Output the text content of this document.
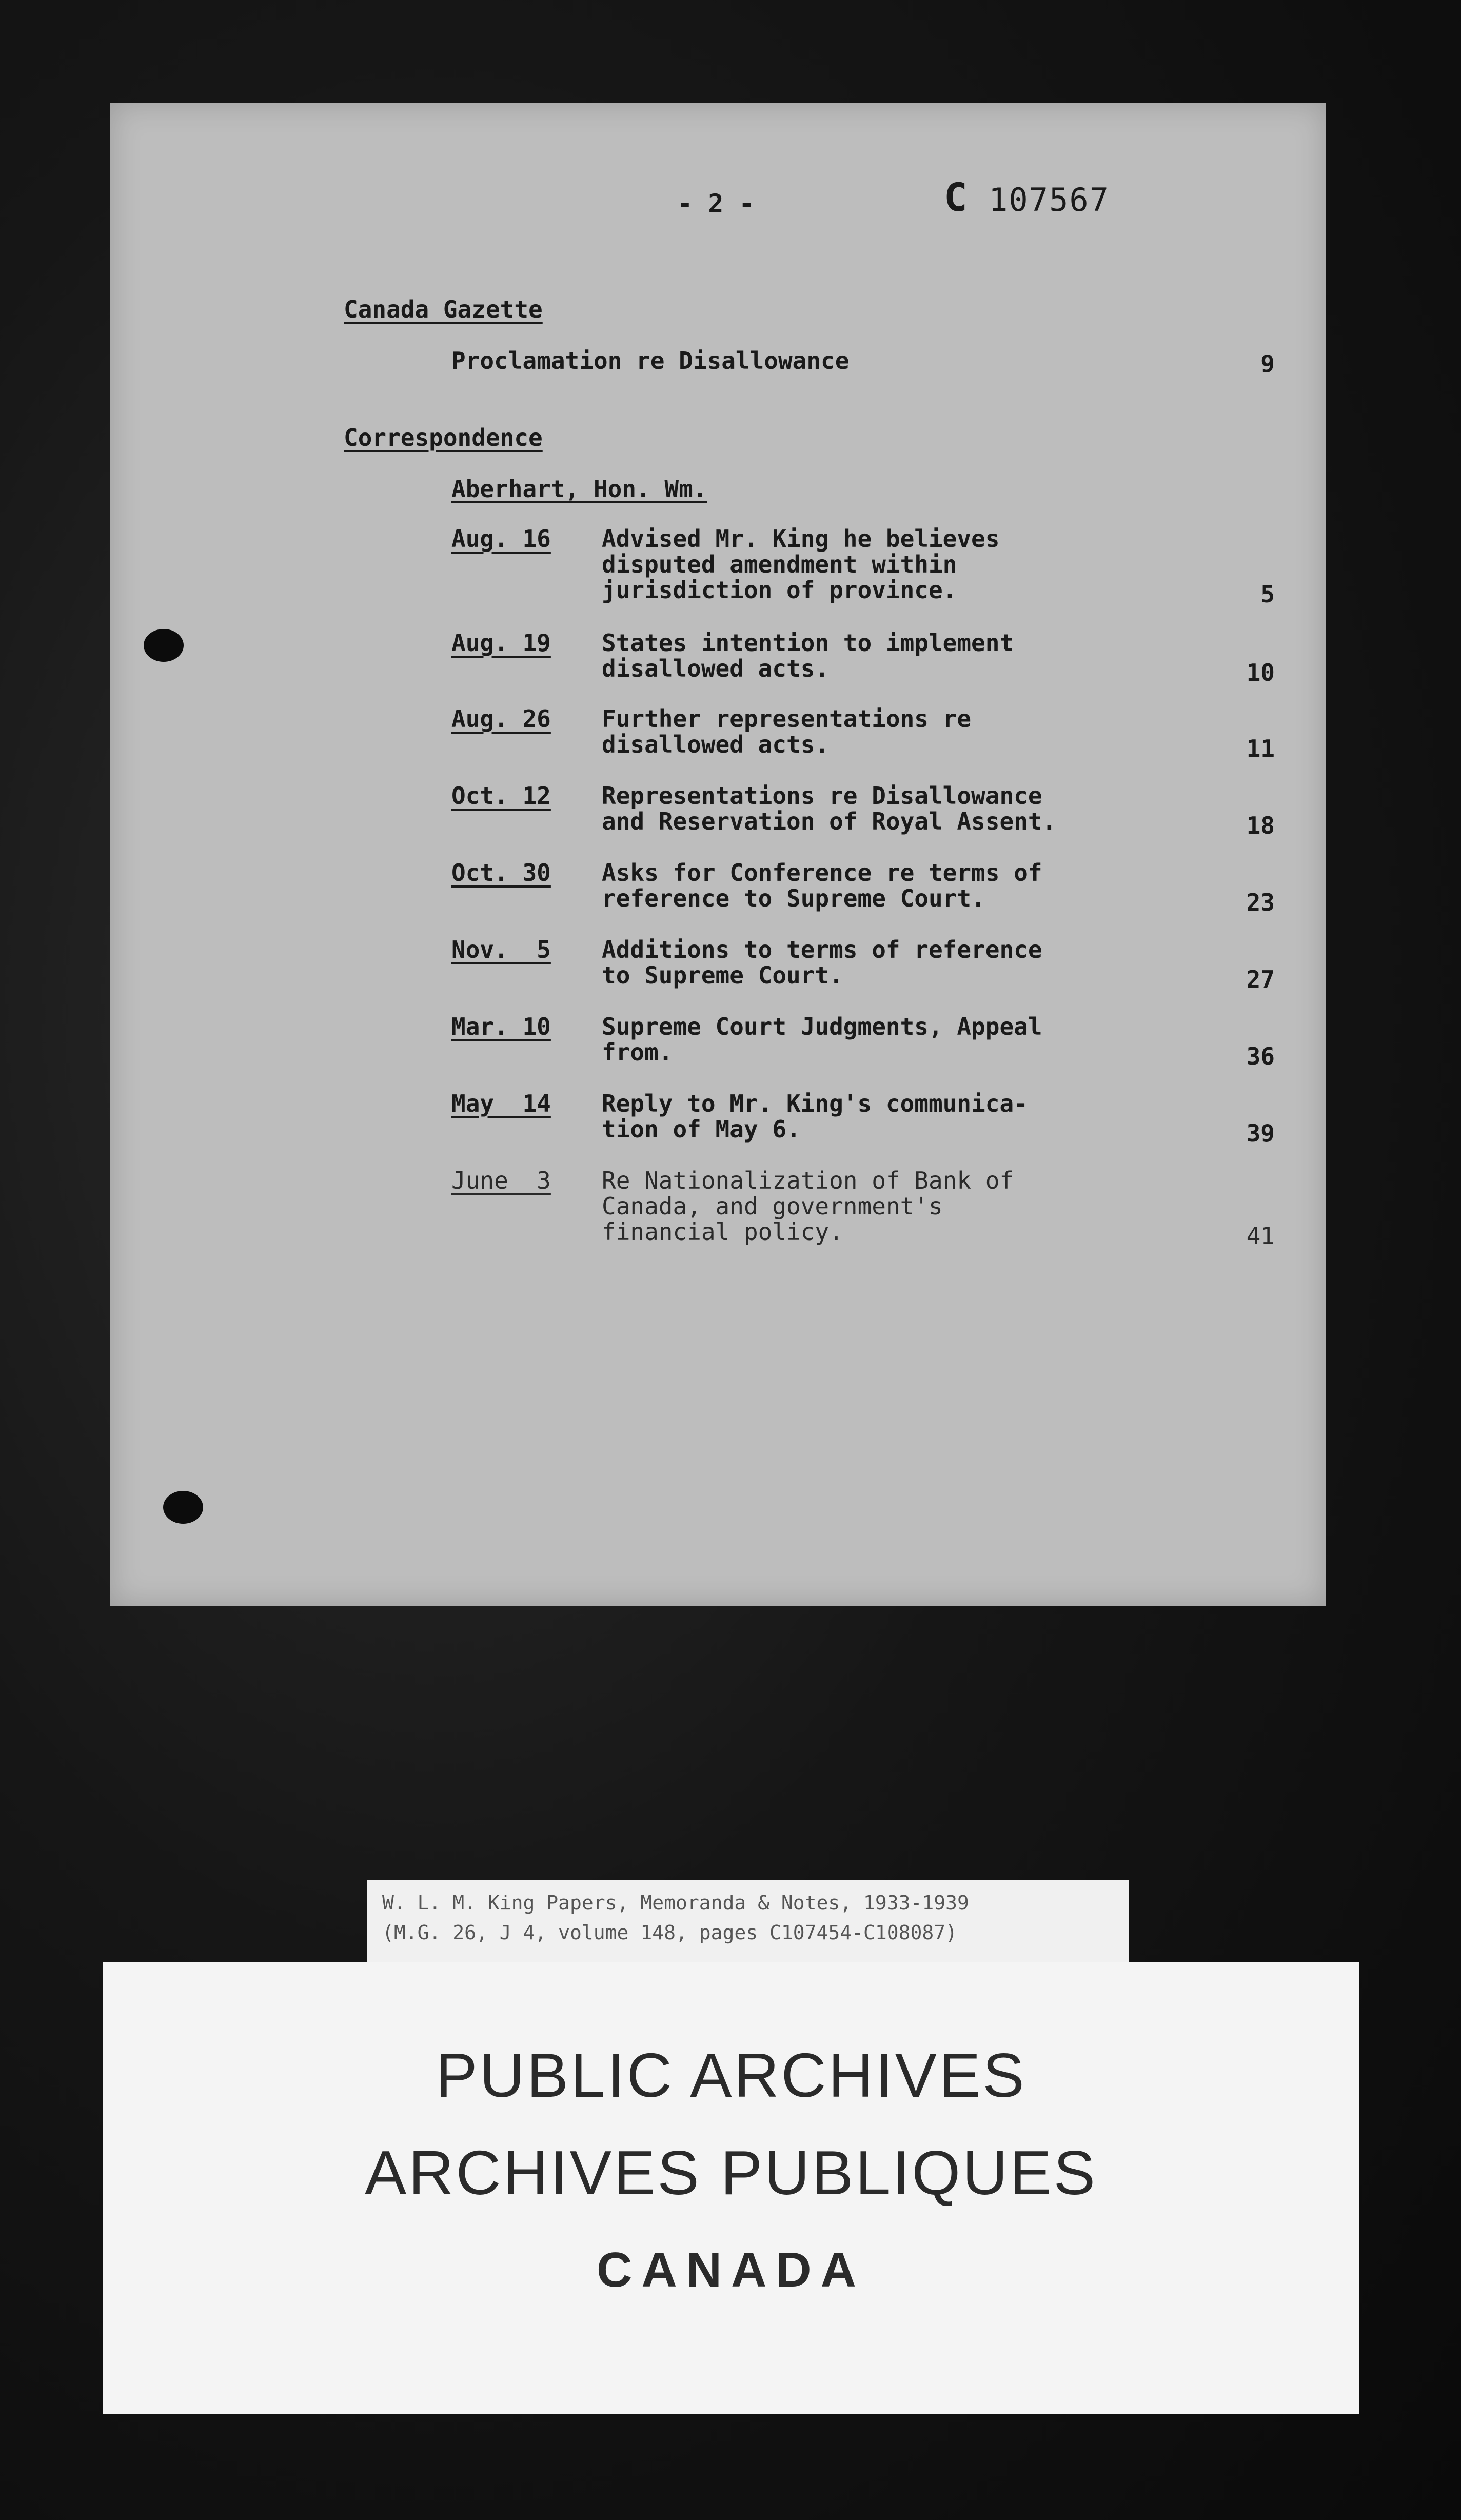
- 2 -	C 107567
Canada Gazette
Proclamation re Disallowance	9
Correspondence
Aberhart, Hon. Wm.
Aug. 16 Advised Mr. King he believes
disputed amendment within
jurisdiction of province.	5
Aug. 19 States intention to implement
disallowed acts.	10
Aug. 26 Further representations re
disallowed acts.	11
Oct. 12 Representations re Disallowance
and Reservation of Royal Assent.	18
Oct. 30 Asks for Conference re terms of
reference to Supreme Court.	23
Nov.  5 Additions to terms of reference
to Supreme Court.	27
Mar. 10 Supreme Court Judgments, Appeal
from.	36
May  14 Reply to Mr. King's communica-
tion of May 6.	39
June  3 Re Nationalization of Bank of
Canada, and government's
financial policy.	41

W. L. M. King Papers, Memoranda & Notes, 1933-1939

(M.G. 26, J 4, volume 148, pages C107454-C108087)

PUBLIC ARCHIVES

ARCHIVES PUBLIQUES

CANADA
